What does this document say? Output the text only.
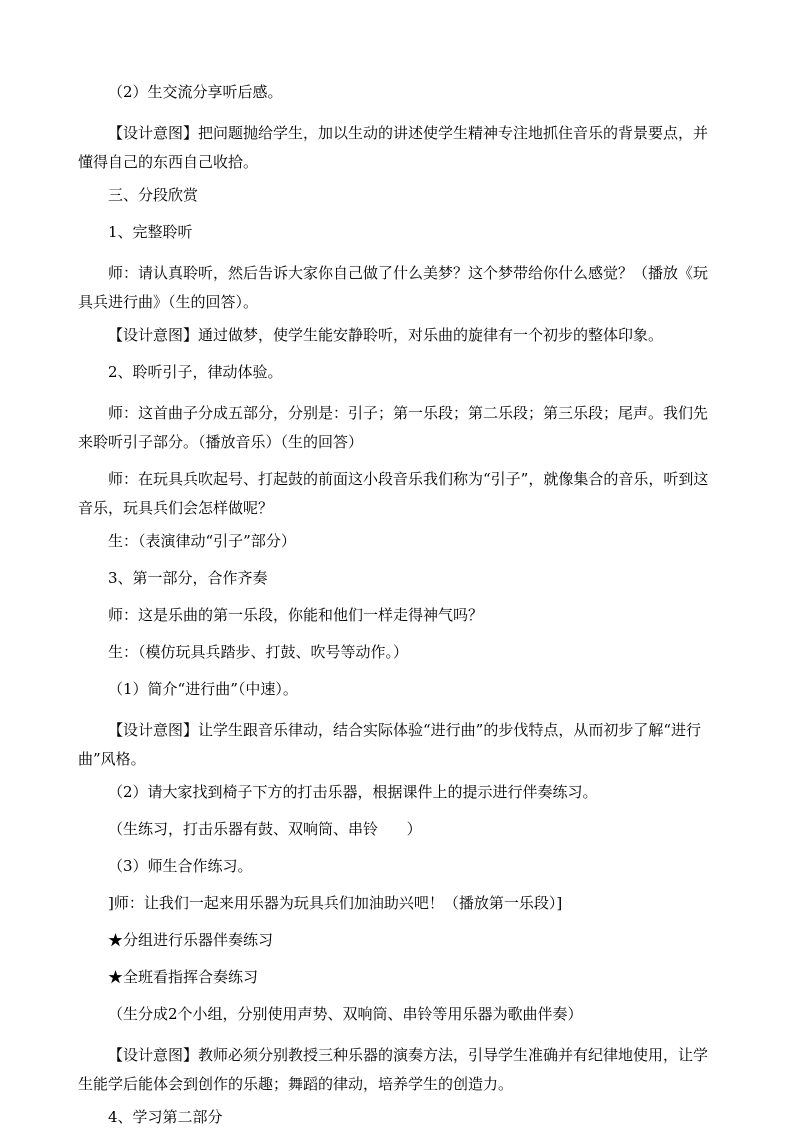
（2）生交流分享听后感。

【设计意图】把问题抛给学生，加以生动的讲述使学生精神专注地抓住音乐的背景要点，并懂得自己的东西自己收拾。

三、分段欣赏

1、完整聆听

师：请认真聆听，然后告诉大家你自己做了什么美梦？这个梦带给你什么感觉？（播放《玩具兵进行曲》（生的回答）。

【设计意图】通过做梦，使学生能安静聆听，对乐曲的旋律有一个初步的整体印象。

2、聆听引子，律动体验。

师：这首曲子分成五部分，分别是：引子；第一乐段；第二乐段；第三乐段；尾声。我们先来聆听引子部分。（播放音乐）（生的回答）

师：在玩具兵吹起号、打起鼓的前面这小段音乐我们称为“引子”，就像集合的音乐，听到这音乐，玩具兵们会怎样做呢？

生：（表演律动“引子”部分）

3、第一部分，合作齐奏

师：这是乐曲的第一乐段，你能和他们一样走得神气吗？

生：（模仿玩具兵踏步、打鼓、吹号等动作。）

（1）简介“进行曲”（中速）。

【设计意图】让学生跟音乐律动，结合实际体验“进行曲”的步伐特点，从而初步了解“进行曲”风格。

（2）请大家找到椅子下方的打击乐器，根据课件上的提示进行伴奏练习。

（生练习，打击乐器有鼓、双响筒、串铃      ）

（3）师生合作练习。

]师：让我们一起来用乐器为玩具兵们加油助兴吧！（播放第一乐段）]

★分组进行乐器伴奏练习

★全班看指挥合奏练习

（生分成2个小组，分别使用声势、双响筒、串铃等用乐器为歌曲伴奏）

【设计意图】教师必须分别教授三种乐器的演奏方法，引导学生准确并有纪律地使用，让学生能学后能体会到创作的乐趣；舞蹈的律动，培养学生的创造力。

4、学习第二部分
